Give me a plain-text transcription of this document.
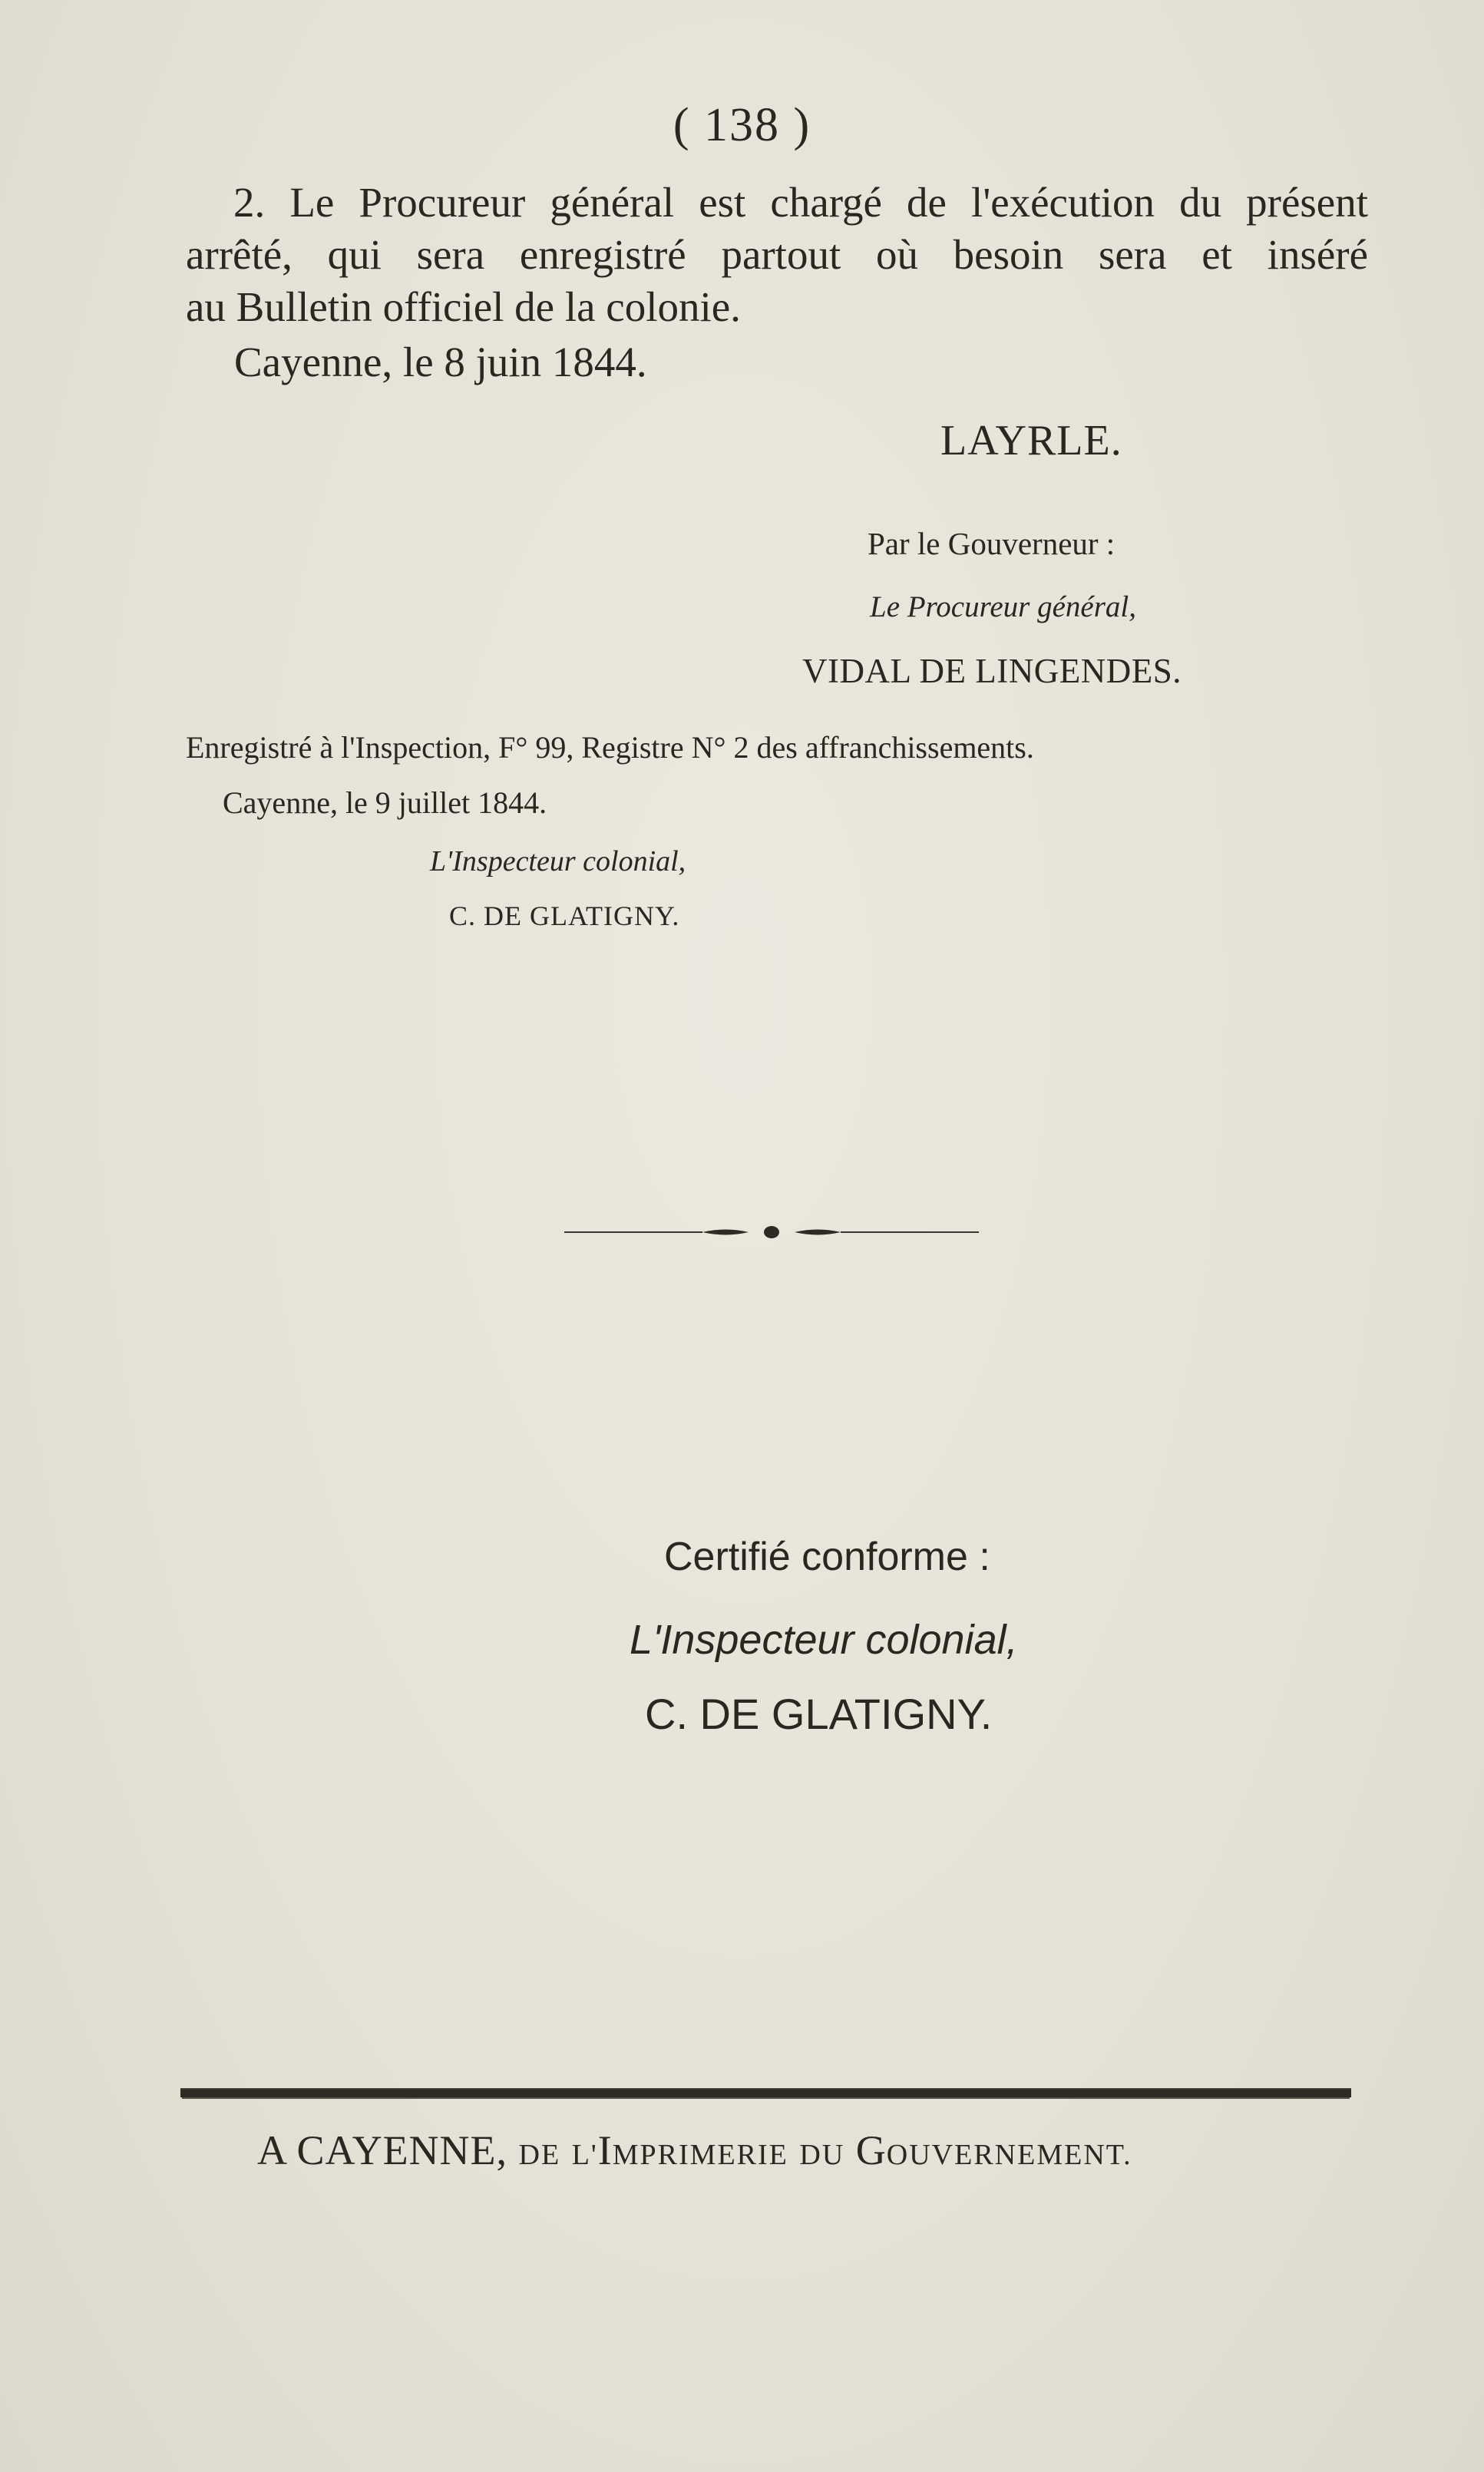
( 138 )
2. Le Procureur général est chargé de l'exécution du présent
arrêté, qui sera enregistré partout où besoin sera et inséré
au Bulletin officiel de la colonie.
Cayenne, le 8 juin 1844.
LAYRLE.
Par le Gouverneur :
Le Procureur général,
VIDAL DE LINGENDES.
Enregistré à l'Inspection, F° 99, Registre N° 2 des affranchissements.
Cayenne, le 9 juillet 1844.
L'Inspecteur colonial,
C. DE GLATIGNY.
Certifié conforme :
L'Inspecteur colonial,
C. DE GLATIGNY.
A CAYENNE, DE L'IMPRIMERIE DU GOUVERNEMENT.
